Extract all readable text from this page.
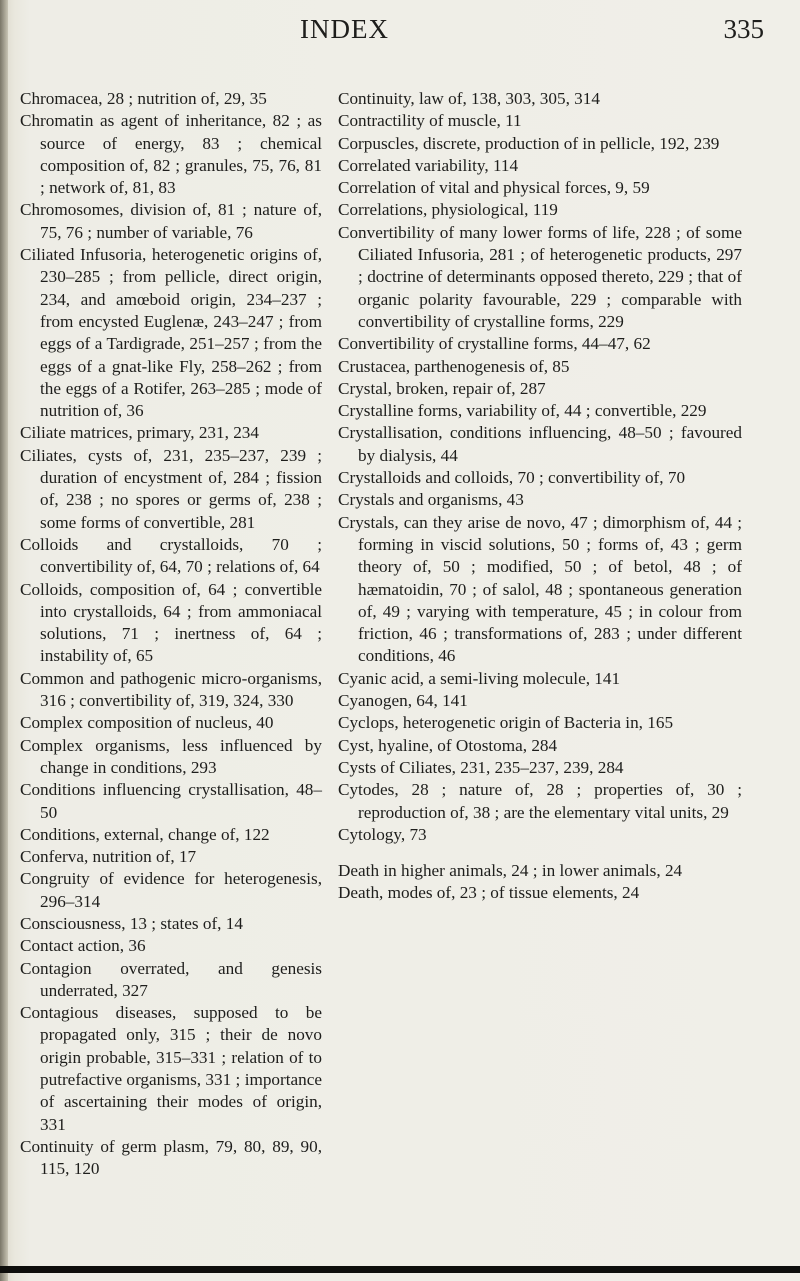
INDEX	335

Chromacea, 28 ; nutrition of, 29, 35

Chromatin as agent of inheritance, 82 ; as source of energy, 83 ; chemical composition of, 82 ; granules, 75, 76, 81 ; network of, 81, 83

Chromosomes, division of, 81 ; nature of, 75, 76 ; number of variable, 76

Ciliated Infusoria, heterogenetic origins of, 230–285 ; from pellicle, direct origin, 234, and amœboid origin, 234–237 ; from encysted Euglenæ, 243–247 ; from eggs of a Tardigrade, 251–257 ; from the eggs of a gnat-like Fly, 258–262 ; from the eggs of a Rotifer, 263–285 ; mode of nutrition of, 36

Ciliate matrices, primary, 231, 234

Ciliates, cysts of, 231, 235–237, 239 ; duration of encystment of, 284 ; fission of, 238 ; no spores or germs of, 238 ; some forms of convertible, 281

Colloids and crystalloids, 70 ; convertibility of, 64, 70 ; relations of, 64

Colloids, composition of, 64 ; convertible into crystalloids, 64 ; from ammoniacal solutions, 71 ; inertness of, 64 ; instability of, 65

Common and pathogenic micro-organisms, 316 ; convertibility of, 319, 324, 330

Complex composition of nucleus, 40

Complex organisms, less influenced by change in conditions, 293

Conditions influencing crystallisation, 48–50

Conditions, external, change of, 122

Conferva, nutrition of, 17

Congruity of evidence for heterogenesis, 296–314

Consciousness, 13 ; states of, 14

Contact action, 36

Contagion overrated, and genesis underrated, 327

Contagious diseases, supposed to be propagated only, 315 ; their de novo origin probable, 315–331 ; relation of to putrefactive organisms, 331 ; importance of ascertaining their modes of origin, 331

Continuity of germ plasm, 79, 80, 89, 90, 115, 120

Continuity, law of, 138, 303, 305, 314

Contractility of muscle, 11

Corpuscles, discrete, production of in pellicle, 192, 239

Correlated variability, 114

Correlation of vital and physical forces, 9, 59

Correlations, physiological, 119

Convertibility of many lower forms of life, 228 ; of some Ciliated Infusoria, 281 ; of heterogenetic products, 297 ; doctrine of determinants opposed thereto, 229 ; that of organic polarity favourable, 229 ; comparable with convertibility of crystalline forms, 229

Convertibility of crystalline forms, 44–47, 62

Crustacea, parthenogenesis of, 85

Crystal, broken, repair of, 287

Crystalline forms, variability of, 44 ; convertible, 229

Crystallisation, conditions influencing, 48–50 ; favoured by dialysis, 44

Crystalloids and colloids, 70 ; convertibility of, 70

Crystals and organisms, 43

Crystals, can they arise de novo, 47 ; dimorphism of, 44 ; forming in viscid solutions, 50 ; forms of, 43 ; germ theory of, 50 ; modified, 50 ; of betol, 48 ; of hæmatoidin, 70 ; of salol, 48 ; spontaneous generation of, 49 ; varying with temperature, 45 ; in colour from friction, 46 ; transformations of, 283 ; under different conditions, 46

Cyanic acid, a semi-living molecule, 141

Cyanogen, 64, 141

Cyclops, heterogenetic origin of Bacteria in, 165

Cyst, hyaline, of Otostoma, 284

Cysts of Ciliates, 231, 235–237, 239, 284

Cytodes, 28 ; nature of, 28 ; properties of, 30 ; reproduction of, 38 ; are the elementary vital units, 29

Cytology, 73

Death in higher animals, 24 ; in lower animals, 24

Death, modes of, 23 ; of tissue elements, 24
